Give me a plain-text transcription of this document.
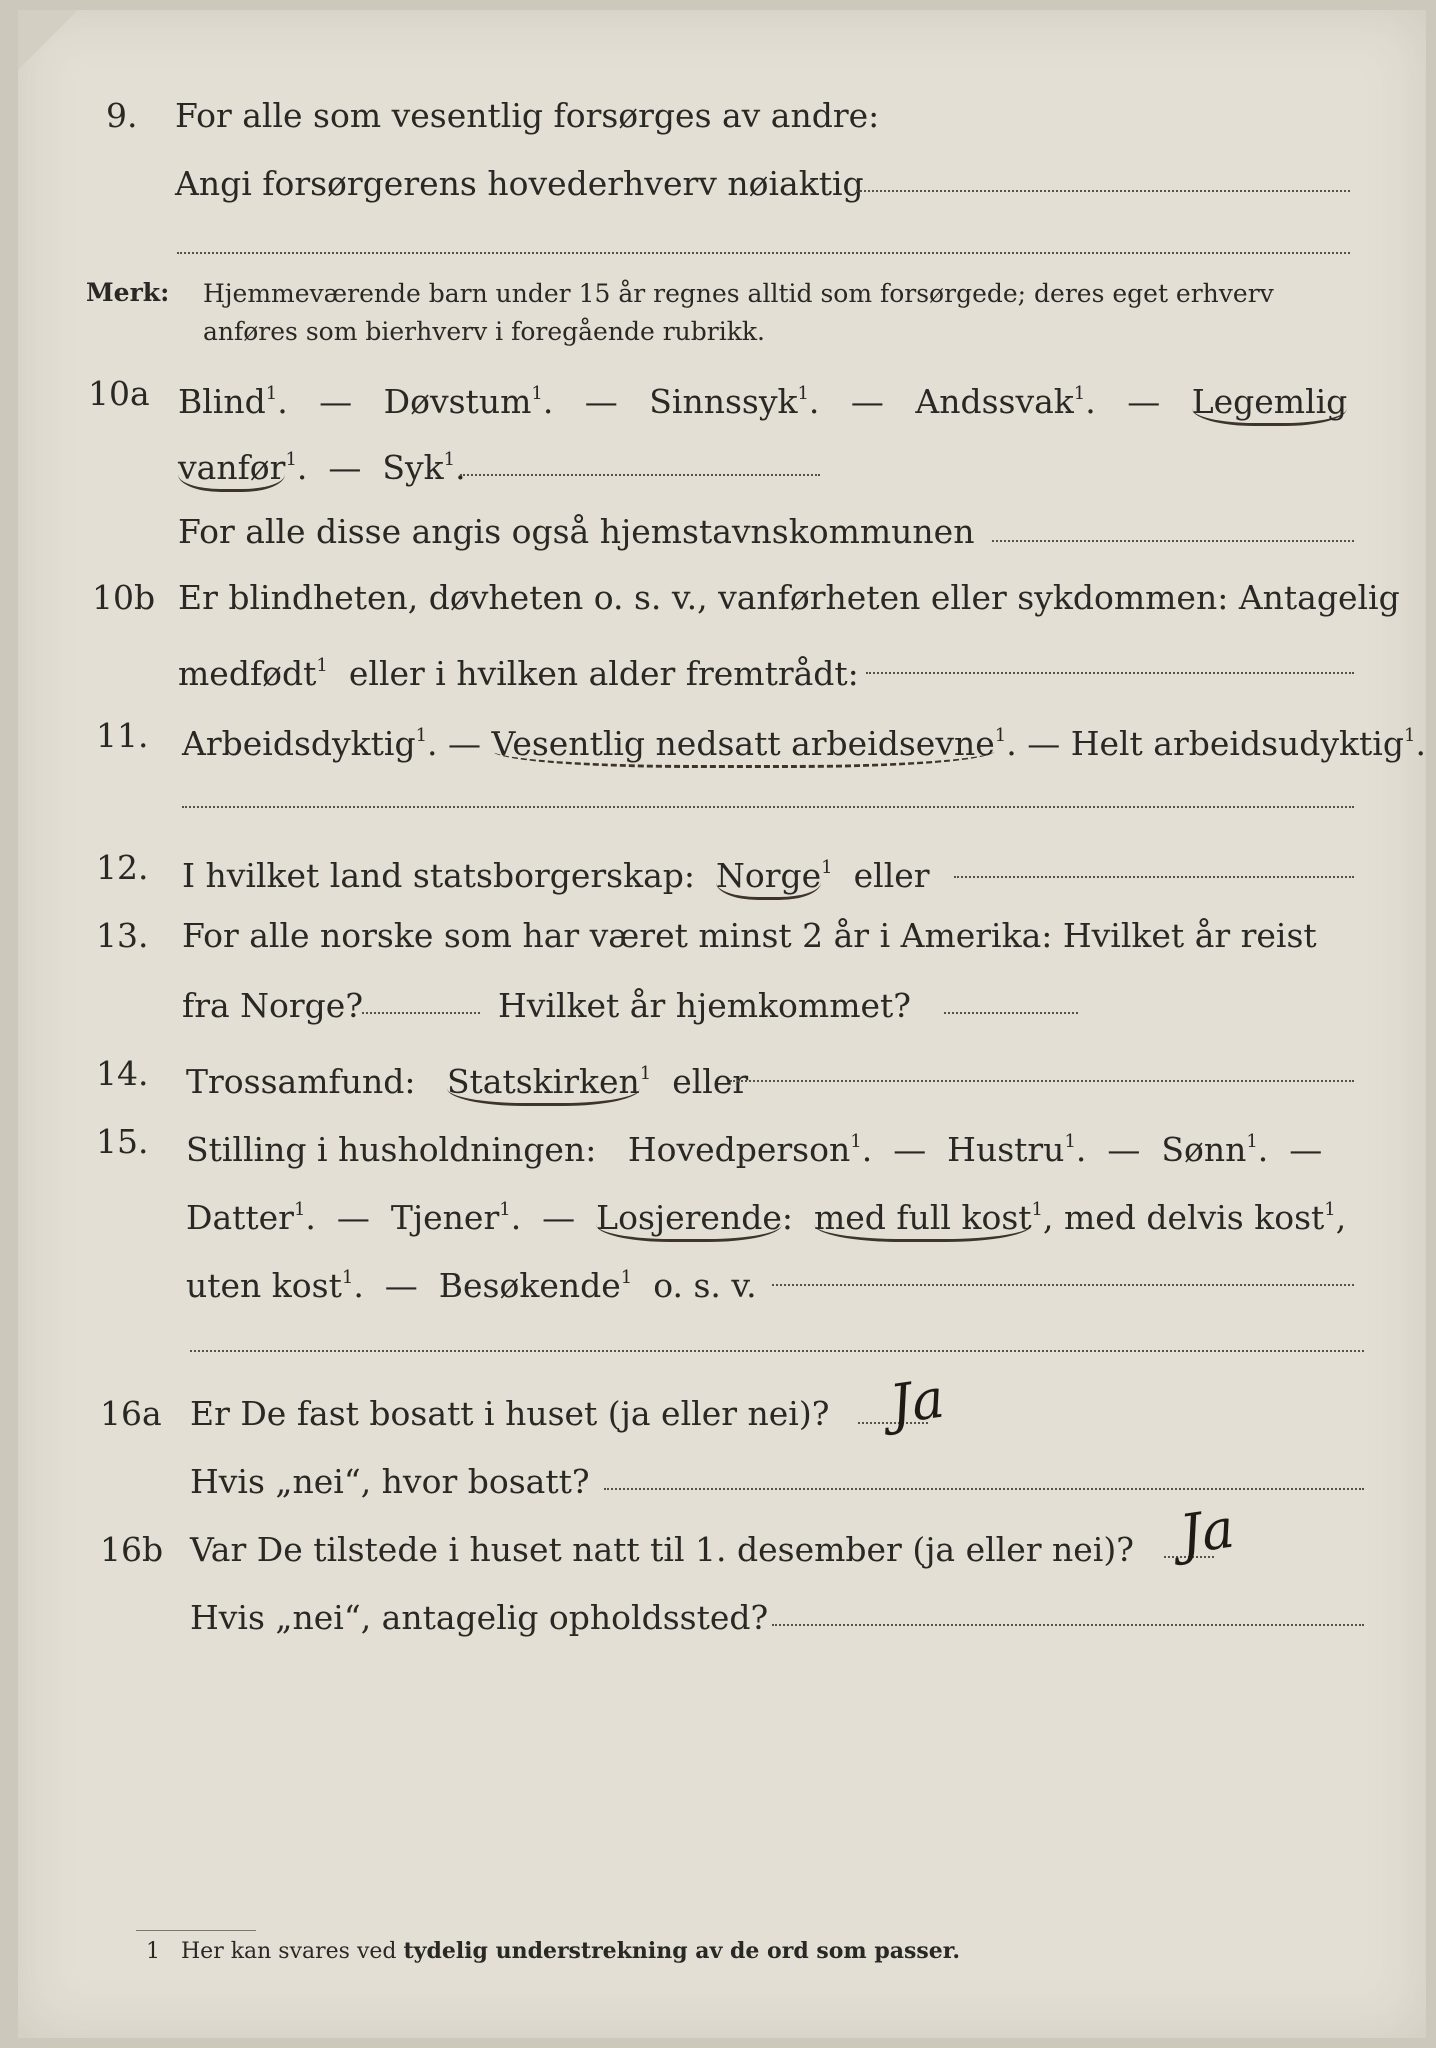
9. For alle som vesentlig forsørges av andre:
Angi forsørgerens hovederhverv nøiaktig
Merk: Hjemmeværende barn under 15 år regnes alltid som forsørgede; deres eget erhverv
anføres som bierhverv i foregående rubrikk.
10a Blind$^1$.   — Døvstum$^1$.   — Sinnssyk$^1$.   — Andssvak$^1$.   — Legemlig
vanfør$^1$.  — Syk$^1$.
For alle disse angis også hjemstavnskommunen
10b Er blindheten, døvheten o. s. v., vanførheten eller sykdommen: Antagelig
medfødt$^1$ eller i hvilken alder fremtrådt:
11. Arbeidsdyktig$^1$. — Vesentlig nedsatt arbeidsevne$^1$. — Helt arbeidsudyktig$^1$.
12. I hvilket land statsborgerskap: Norge$^1$ eller
13. For alle norske som har været minst 2 år i Amerika: Hvilket år reist
fra Norge?	Hvilket år hjemkommet?
14. Trossamfund: Statskirken$^1$ eller
15. Stilling i husholdningen: Hovedperson$^1$.  — Hustru$^1$.  — Sønn$^1$.  —
Datter$^1$.  — Tjener$^1$.  — Losjerende: med full kost$^1$, med delvis kost$^1$,
uten kost$^1$.  — Besøkende$^1$ o. s. v.
16a Er De fast bosatt i huset (ja eller nei)? Ja
Hvis „nei“, hvor bosatt?
16b Var De tilstede i huset natt til 1. desember (ja eller nei)? Ja
Hvis „nei“, antagelig opholdssted?
1 Her kan svares ved tydelig understrekning av de ord som passer.
